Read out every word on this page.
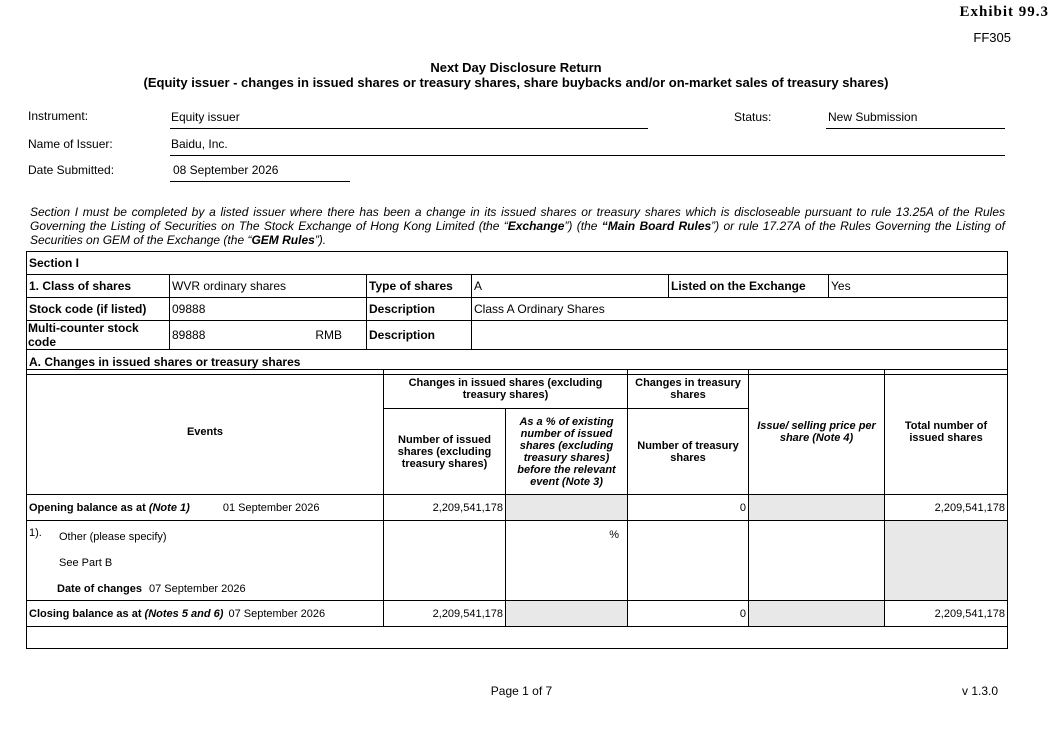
Exhibit 99.3
FF305
Next Day Disclosure Return
(Equity issuer - changes in issued shares or treasury shares, share buybacks and/or on-market sales of treasury shares)
Instrument:	Equity issuer	Status:	New Submission
Name of Issuer:	Baidu, Inc.
Date Submitted:	08 September 2026
Section I must be completed by a listed issuer where there has been a change in its issued shares or treasury shares which is discloseable pursuant to rule 13.25A of the Rules Governing the Listing of Securities on The Stock Exchange of Hong Kong Limited (the “Exchange”) (the “Main Board Rules”) or rule 17.27A of the Rules Governing the Listing of Securities on GEM of the Exchange (the “GEM Rules”).
Section I					
1. Class of shares	WVR ordinary shares	Type of shares	A	Listed on the Exchange	Yes
Stock code (if listed)	09888	Description	Class A Ordinary Shares		
Multi-counter stock code	89888 RMB	Description			
A. Changes in issued shares or treasury shares					
Events	Changes in issued shares (excluding treasury shares)		Changes in treasury shares	Issue/ selling price per share (Note 4)	Total number of issued shares
	Number of issued shares (excluding treasury shares)	As a % of existing number of issued shares (excluding treasury shares) before the relevant event (Note 3)	Number of treasury shares		
Opening balance as at (Note 1) 01 September 2026	2,209,541,178		0		2,209,541,178

1). Other (please specify)
See Part B
Date of changes 07 September 2026		%			
Closing balance as at (Notes 5 and 6) 07 September 2026	2,209,541,178		0		2,209,541,178

Page 1 of 7	v 1.3.0
